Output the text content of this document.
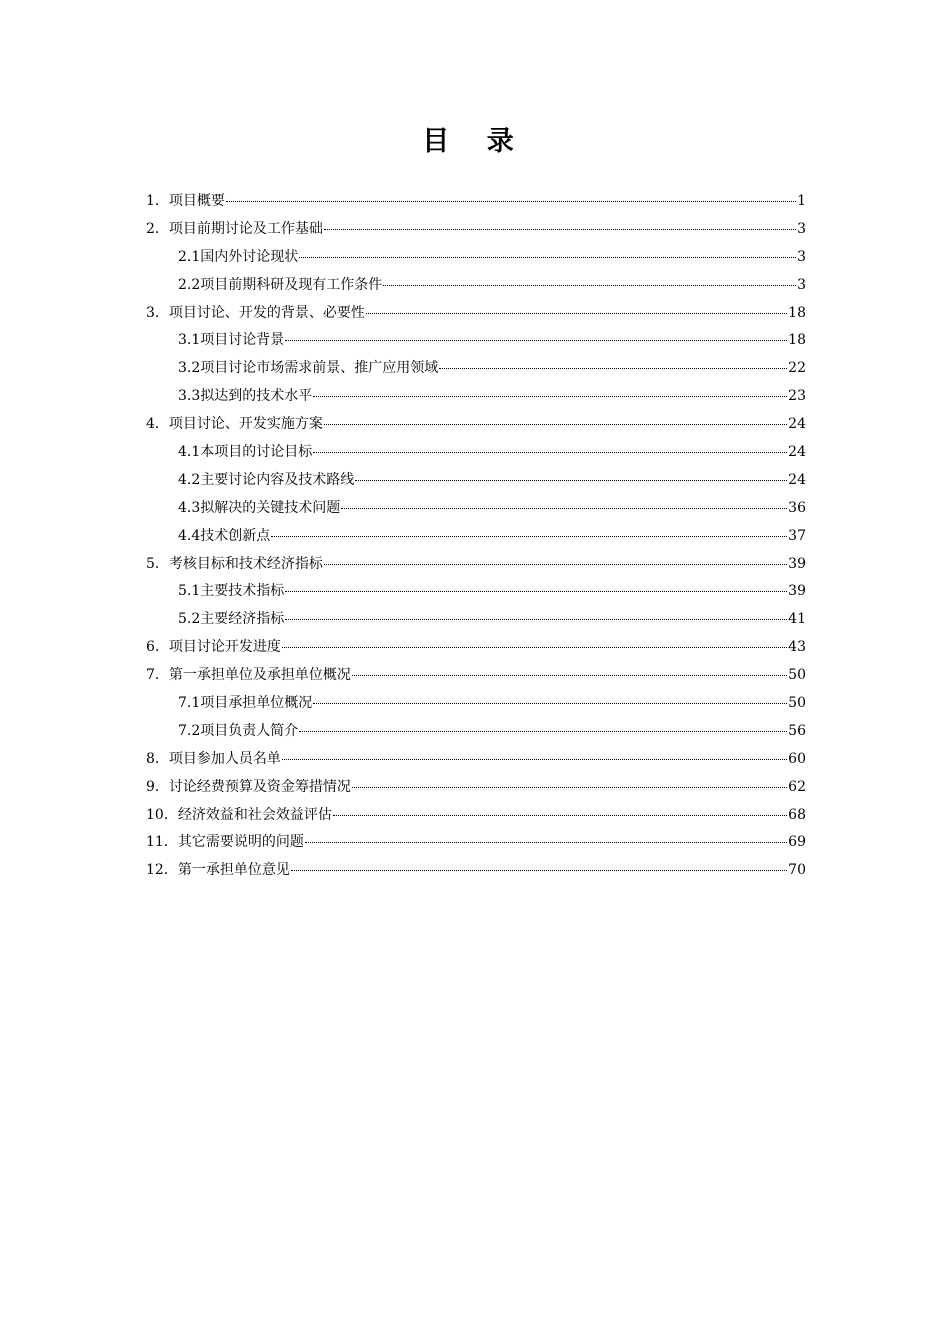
目 录
1． 项目概要	1
2． 项目前期讨论及工作基础	3
2.1 国内外讨论现状	3
2.2 项目前期科研及现有工作条件	3
3． 项目讨论、开发的背景、必要性	18
3.1 项目讨论背景	18
3.2 项目讨论市场需求前景、推广应用领域	22
3.3 拟达到的技术水平	23
4． 项目讨论、开发实施方案	24
4.1 本项目的讨论目标	24
4.2 主要讨论内容及技术路线	24
4.3 拟解决的关键技术问题	36
4.4 技术创新点	37
5． 考核目标和技术经济指标	39
5.1 主要技术指标	39
5.2 主要经济指标	41
6． 项目讨论开发进度	43
7． 第一承担单位及承担单位概况	50
7.1 项目承担单位概况	50
7.2 项目负责人简介	56
8． 项目参加人员名单	60
9． 讨论经费预算及资金筹措情况	62
10． 经济效益和社会效益评估	68
11． 其它需要说明的问题	69
12． 第一承担单位意见	70
